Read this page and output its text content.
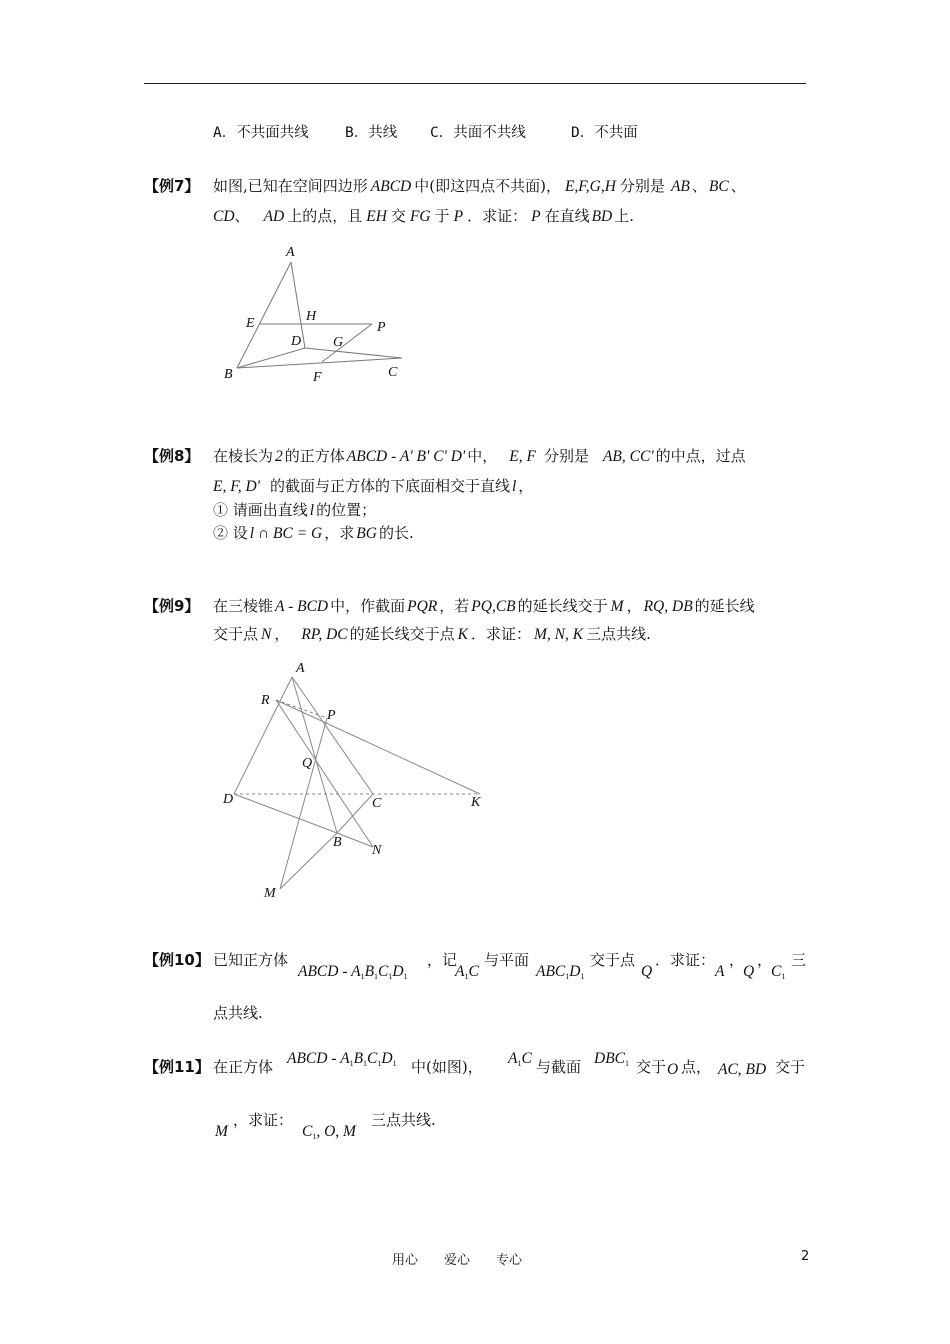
A．不共面共线	B．共线 C．共面不共线	D．不共面
【例7】 如图,已知在空间四边形 ABCD 中(即这四点不共面)， E,F,G,H 分别是 AB 、 BC 、
CD、 AD 上的点，且 EH 交 FG 于 P ．求证： P 在直线 BD 上.
A
B	C
D
E
F
G
H
P
【例8】 在棱长为 2 的正方体 ABCD - A' B' C' D' 中， E, F 分别是 AB, CC' 的中点，过点
E, F, D' 的截面与正方体的下底面相交于直线 l ，
① 请画出直线 l 的位置；
② 设 l ∩ BC = G ，求 BG 的长.
【例9】 在三棱锥 A - BCD 中，作截面 PQR ，若 PQ,CB 的延长线交于 M ， RQ, DB 的延长线
交于点 N ， RP, DC 的延长线交于点 K ．求证： M, N, K 三点共线.
A
R
P
Q
D	C	K
B
N
M
【例10】 已知正方体
ABCD - $A_1B_1C_1D_1$
，记
$A_1C$
与平面
$ABC_1D_1$
交于点
Q
．求证：
A
，
Q
，
$C_1$
三
点共线.
【例11】 在正方体 ABCD - $A_1B_1C_1D_1$ 中(如图)， $A_1C$ 与截面 $DBC_1$ 交于 O 点， AC, BD 交于
M
，求证：
$C_1$, O, M
三点共线.
用心　　爱心　　专心	2
